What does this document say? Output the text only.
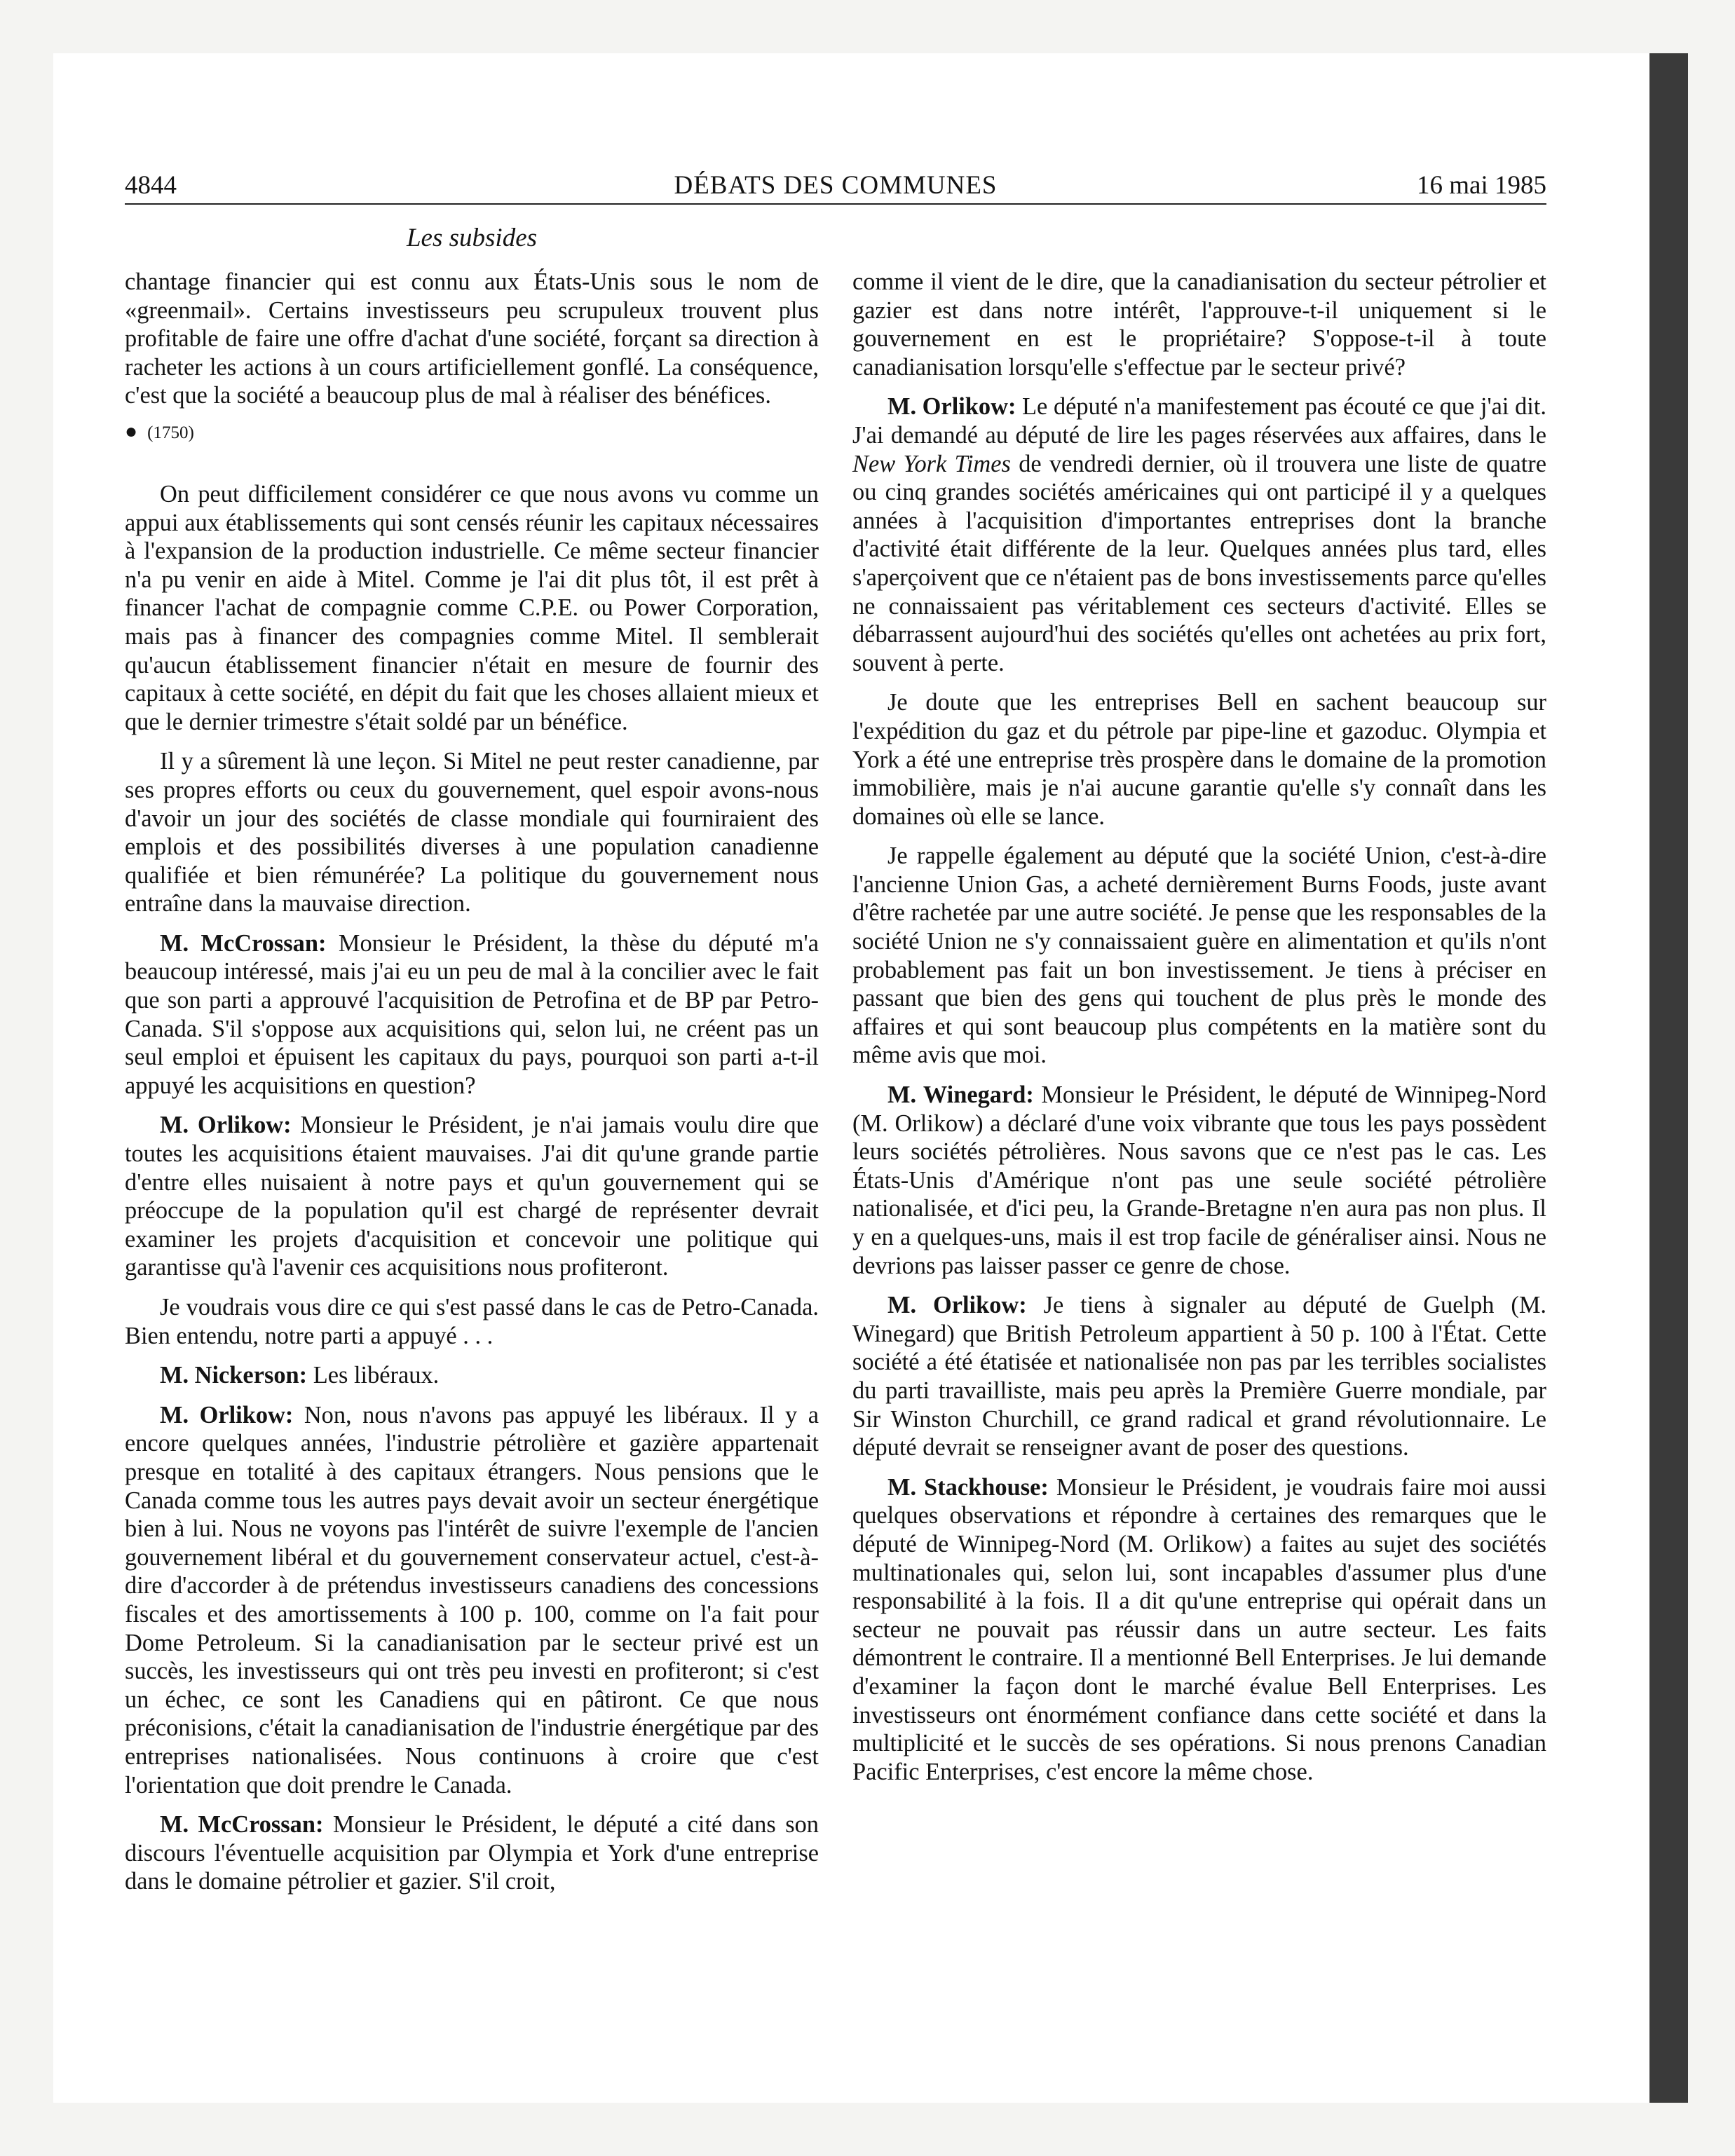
4844	DÉBATS DES COMMUNES	16 mai 1985
Les subsides

chantage financier qui est connu aux États-Unis sous le nom de «greenmail». Certains investisseurs peu scrupuleux trouvent plus profitable de faire une offre d'achat d'une société, forçant sa direction à racheter les actions à un cours artificiellement gonflé. La conséquence, c'est que la société a beaucoup plus de mal à réaliser des bénéfices.

● (1750)

On peut difficilement considérer ce que nous avons vu comme un appui aux établissements qui sont censés réunir les capitaux nécessaires à l'expansion de la production industrielle. Ce même secteur financier n'a pu venir en aide à Mitel. Comme je l'ai dit plus tôt, il est prêt à financer l'achat de compagnie comme C.P.E. ou Power Corporation, mais pas à financer des compagnies comme Mitel. Il semblerait qu'aucun établissement financier n'était en mesure de fournir des capitaux à cette société, en dépit du fait que les choses allaient mieux et que le dernier trimestre s'était soldé par un bénéfice.

Il y a sûrement là une leçon. Si Mitel ne peut rester canadienne, par ses propres efforts ou ceux du gouvernement, quel espoir avons-nous d'avoir un jour des sociétés de classe mondiale qui fourniraient des emplois et des possibilités diverses à une population canadienne qualifiée et bien rémunérée? La politique du gouvernement nous entraîne dans la mauvaise direction.

M. McCrossan: Monsieur le Président, la thèse du député m'a beaucoup intéressé, mais j'ai eu un peu de mal à la concilier avec le fait que son parti a approuvé l'acquisition de Petrofina et de BP par Petro-Canada. S'il s'oppose aux acquisitions qui, selon lui, ne créent pas un seul emploi et épuisent les capitaux du pays, pourquoi son parti a-t-il appuyé les acquisitions en question?

M. Orlikow: Monsieur le Président, je n'ai jamais voulu dire que toutes les acquisitions étaient mauvaises. J'ai dit qu'une grande partie d'entre elles nuisaient à notre pays et qu'un gouvernement qui se préoccupe de la population qu'il est chargé de représenter devrait examiner les projets d'acquisition et concevoir une politique qui garantisse qu'à l'avenir ces acquisitions nous profiteront.

Je voudrais vous dire ce qui s'est passé dans le cas de Petro-Canada. Bien entendu, notre parti a appuyé . . .

M. Nickerson: Les libéraux.

M. Orlikow: Non, nous n'avons pas appuyé les libéraux. Il y a encore quelques années, l'industrie pétrolière et gazière appartenait presque en totalité à des capitaux étrangers. Nous pensions que le Canada comme tous les autres pays devait avoir un secteur énergétique bien à lui. Nous ne voyons pas l'intérêt de suivre l'exemple de l'ancien gouvernement libéral et du gouvernement conservateur actuel, c'est-à-dire d'accorder à de prétendus investisseurs canadiens des concessions fiscales et des amortissements à 100 p. 100, comme on l'a fait pour Dome Petroleum. Si la canadianisation par le secteur privé est un succès, les investisseurs qui ont très peu investi en profiteront; si c'est un échec, ce sont les Canadiens qui en pâtiront. Ce que nous préconisions, c'était la canadianisation de l'industrie énergétique par des entreprises nationalisées. Nous continuons à croire que c'est l'orientation que doit prendre le Canada.

M. McCrossan: Monsieur le Président, le député a cité dans son discours l'éventuelle acquisition par Olympia et York d'une entreprise dans le domaine pétrolier et gazier. S'il croit,

comme il vient de le dire, que la canadianisation du secteur pétrolier et gazier est dans notre intérêt, l'approuve-t-il uniquement si le gouvernement en est le propriétaire? S'oppose-t-il à toute canadianisation lorsqu'elle s'effectue par le secteur privé?

M. Orlikow: Le député n'a manifestement pas écouté ce que j'ai dit. J'ai demandé au député de lire les pages réservées aux affaires, dans le New York Times de vendredi dernier, où il trouvera une liste de quatre ou cinq grandes sociétés américaines qui ont participé il y a quelques années à l'acquisition d'importantes entreprises dont la branche d'activité était différente de la leur. Quelques années plus tard, elles s'aperçoivent que ce n'étaient pas de bons investissements parce qu'elles ne connaissaient pas véritablement ces secteurs d'activité. Elles se débarrassent aujourd'hui des sociétés qu'elles ont achetées au prix fort, souvent à perte.

Je doute que les entreprises Bell en sachent beaucoup sur l'expédition du gaz et du pétrole par pipe-line et gazoduc. Olympia et York a été une entreprise très prospère dans le domaine de la promotion immobilière, mais je n'ai aucune garantie qu'elle s'y connaît dans les domaines où elle se lance.

Je rappelle également au député que la société Union, c'est-à-dire l'ancienne Union Gas, a acheté dernièrement Burns Foods, juste avant d'être rachetée par une autre société. Je pense que les responsables de la société Union ne s'y connaissaient guère en alimentation et qu'ils n'ont probablement pas fait un bon investissement. Je tiens à préciser en passant que bien des gens qui touchent de plus près le monde des affaires et qui sont beaucoup plus compétents en la matière sont du même avis que moi.

M. Winegard: Monsieur le Président, le député de Winnipeg-Nord (M. Orlikow) a déclaré d'une voix vibrante que tous les pays possèdent leurs sociétés pétrolières. Nous savons que ce n'est pas le cas. Les États-Unis d'Amérique n'ont pas une seule société pétrolière nationalisée, et d'ici peu, la Grande-Bretagne n'en aura pas non plus. Il y en a quelques-uns, mais il est trop facile de généraliser ainsi. Nous ne devrions pas laisser passer ce genre de chose.

M. Orlikow: Je tiens à signaler au député de Guelph (M. Winegard) que British Petroleum appartient à 50 p. 100 à l'État. Cette société a été étatisée et nationalisée non pas par les terribles socialistes du parti travailliste, mais peu après la Première Guerre mondiale, par Sir Winston Churchill, ce grand radical et grand révolutionnaire. Le député devrait se renseigner avant de poser des questions.

M. Stackhouse: Monsieur le Président, je voudrais faire moi aussi quelques observations et répondre à certaines des remarques que le député de Winnipeg-Nord (M. Orlikow) a faites au sujet des sociétés multinationales qui, selon lui, sont incapables d'assumer plus d'une responsabilité à la fois. Il a dit qu'une entreprise qui opérait dans un secteur ne pouvait pas réussir dans un autre secteur. Les faits démontrent le contraire. Il a mentionné Bell Enterprises. Je lui demande d'examiner la façon dont le marché évalue Bell Enterprises. Les investisseurs ont énormément confiance dans cette société et dans la multiplicité et le succès de ses opérations. Si nous prenons Canadian Pacific Enterprises, c'est encore la même chose.
